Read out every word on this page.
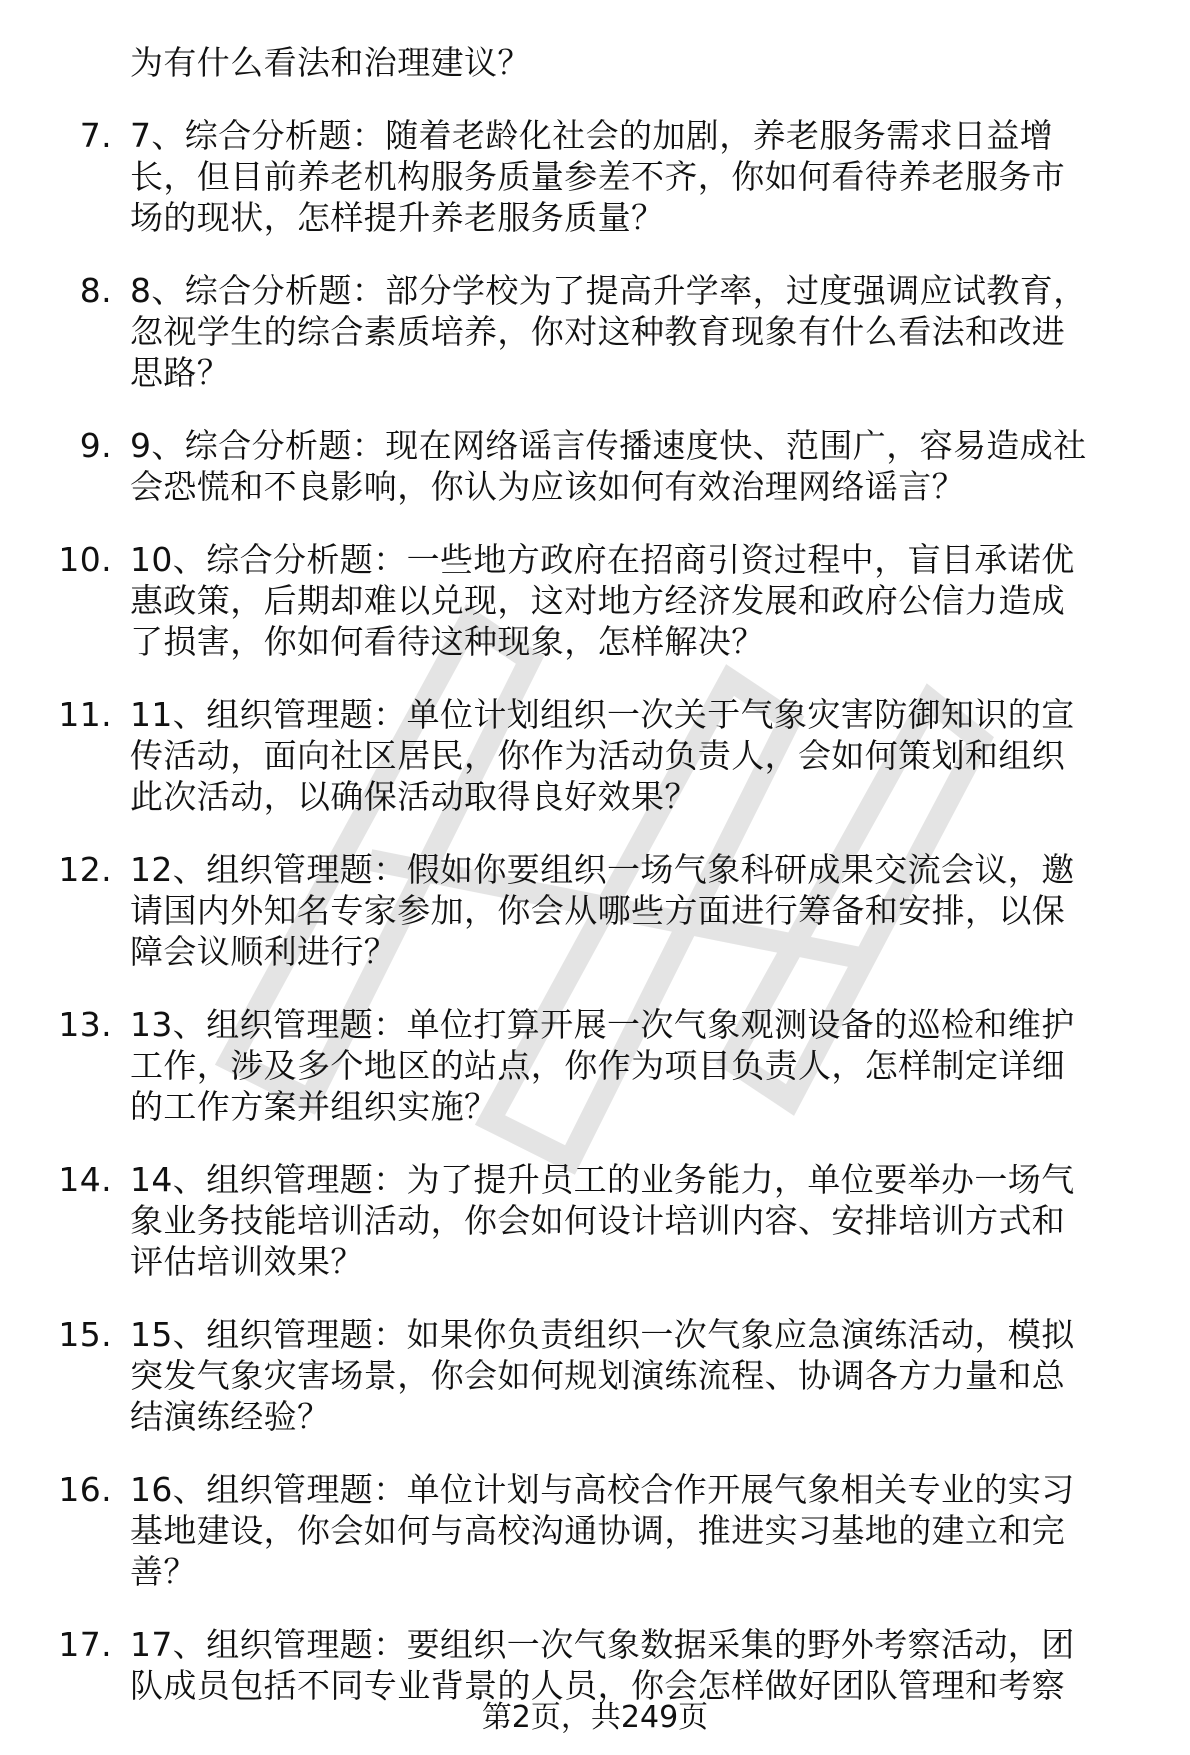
为有什么看法和治理建议？
7. 7、综合分析题：随着老龄化社会的加剧，养老服务需求日益增
长，但目前养老机构服务质量参差不齐，你如何看待养老服务市
场的现状，怎样提升养老服务质量？
8. 8、综合分析题：部分学校为了提高升学率，过度强调应试教育，
忽视学生的综合素质培养，你对这种教育现象有什么看法和改进
思路？
9. 9、综合分析题：现在网络谣言传播速度快、范围广，容易造成社
会恐慌和不良影响，你认为应该如何有效治理网络谣言？
10. 10、综合分析题：一些地方政府在招商引资过程中，盲目承诺优
惠政策，后期却难以兑现，这对地方经济发展和政府公信力造成
了损害，你如何看待这种现象，怎样解决？
11. 11、组织管理题：单位计划组织一次关于气象灾害防御知识的宣
传活动，面向社区居民，你作为活动负责人，会如何策划和组织
此次活动，以确保活动取得良好效果？
12. 12、组织管理题：假如你要组织一场气象科研成果交流会议，邀
请国内外知名专家参加，你会从哪些方面进行筹备和安排，以保
障会议顺利进行？
13. 13、组织管理题：单位打算开展一次气象观测设备的巡检和维护
工作，涉及多个地区的站点，你作为项目负责人，怎样制定详细
的工作方案并组织实施？
14. 14、组织管理题：为了提升员工的业务能力，单位要举办一场气
象业务技能培训活动，你会如何设计培训内容、安排培训方式和
评估培训效果？
15. 15、组织管理题：如果你负责组织一次气象应急演练活动，模拟
突发气象灾害场景，你会如何规划演练流程、协调各方力量和总
结演练经验？
16. 16、组织管理题：单位计划与高校合作开展气象相关专业的实习
基地建设，你会如何与高校沟通协调，推进实习基地的建立和完
善？
17. 17、组织管理题：要组织一次气象数据采集的野外考察活动，团
队成员包括不同专业背景的人员，你会怎样做好团队管理和考察
第2页，共249页
